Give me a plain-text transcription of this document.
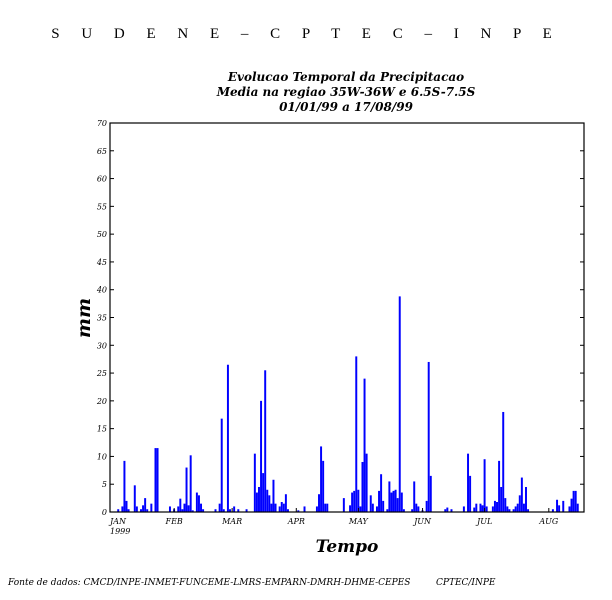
S U D E N E – C P T E C – I N P E
Evolucao Temporal da Precipitacao
Media na regiao 35W-36W e 6.5S-7.5S
01/01/99 a 17/08/99
0
5
10
15
20
25
30
35
40
45
50
55
60
65
70
JAN
1999
FEB	MAR	APR	MAY	JUN	JUL	AUG
mm
Tempo
Fonte de dados: CMCD/INPE-INMET-FUNCEME-LMRS-EMPARN-DMRH-DHME-CEPES	CPTEC/INPE
